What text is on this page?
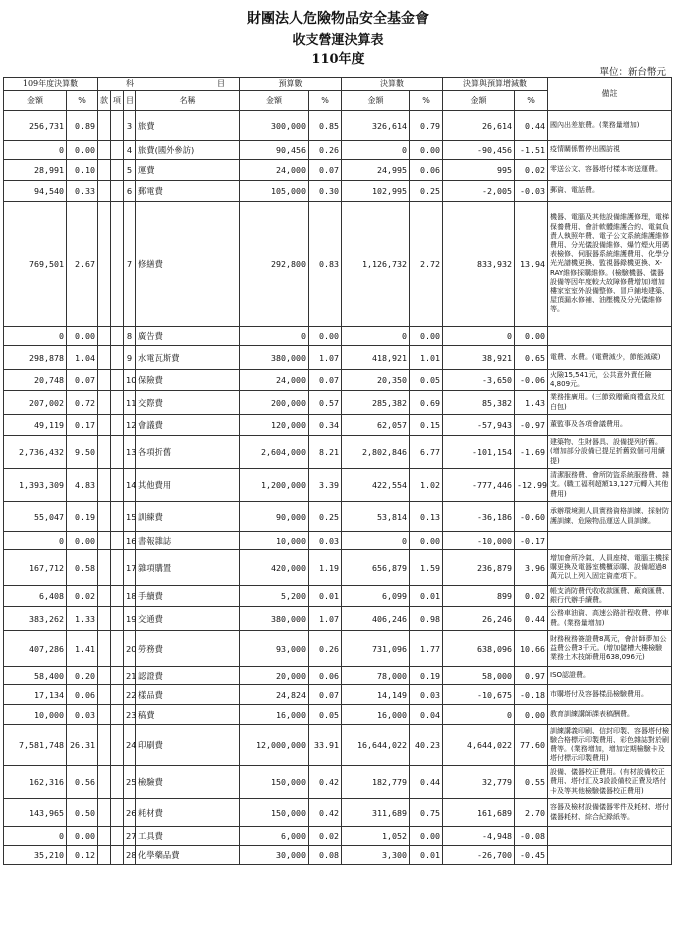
財團法人危險物品安全基金會
收支營運決算表
110年度
單位：新台幣元
109年度決算數		科 目				預算數		決算數		決算與預算增減數		備註
金額	%	款	項	目	名稱	金額	%	金額	%	金額	%	
256,731	0.89			3	旅費	300,000	0.85	326,614	0.79	26,614	0.44	國內出差旅費。(業務量增加)
0	0.00			4	旅費(國外參訪)	90,456	0.26	0	0.00	-90,456	-1.51	疫情關係暫停出國訪視
28,991	0.10			5	運費	24,000	0.07	24,995	0.06	995	0.02	零送公文、容器塔付樣本寄送運費。
94,540	0.33			6	郵電費	105,000	0.30	102,995	0.25	-2,005	-0.03	郵資、電話費。
769,501	2.67			7	修繕費	292,800	0.83	1,126,732	2.72	833,932	13.94	機器、電腦及其他設備維護修理，電梯保養費用、會計軟體維護合約、電氣負責人執照年費、電子公文系統維護維修費用、分光儀設備維修、爆竹煙火用碼表檢修、伺服器系統維護費用、化學分光光譜機更換、監視器錄機更換、X-RAY維修採購維修。(檢驗機器、儀器設備等因年度較大故障修費增加)增加樓家室室外設備整修、冒戶鋪地建築、屋頂漏水修補、油壓機及分光儀維修等。
0	0.00			8	廣告費	0	0.00	0	0.00	0	0.00	
298,878	1.04			9	水電瓦斯費	380,000	1.07	418,921	1.01	38,921	0.65	電費、水費。(電費減少，節能減碳)
20,748	0.07			10	保險費	24,000	0.07	20,350	0.05	-3,650	-0.06	火險15,541元，公共意外責任險4,809元。
207,002	0.72			11	交際費	200,000	0.57	285,382	0.69	85,382	1.43	業務推廣用。(三節致贈廠商禮盒及紅白包)
49,119	0.17			12	會議費	120,000	0.34	62,057	0.15	-57,943	-0.97	董監事及各項會議費用。
2,736,432	9.50			13	各項折舊	2,604,000	8.21	2,802,846	6.77	-101,154	-1.69	建築物、生財器具、設備提列折舊。(增加部分設備已提足折舊致個可用續提)
1,393,309	4.83			14	其他費用	1,200,000	3.39	422,554	1.02	-777,446	-12.99	清潔服務費、會所防盜系統服務費、雜支。(職工福利超額13,127元轉入其他費用)
55,047	0.19			15	訓練費	90,000	0.25	53,814	0.13	-36,186	-0.60	承辦環境測人員實務資格訓練、採射防護訓練、危險物品運送人員訓練。
0	0.00			16	書報雜誌	10,000	0.03	0	0.00	-10,000	-0.17	
167,712	0.58			17	雜項購置	420,000	1.19	656,879	1.59	236,879	3.96	增加會所冷氣、人員座椅、電腦主機採購更換及電器室機櫃添購、設備超過8萬元以上列入固定資產項下。
6,408	0.02			18	手續費	5,200	0.01	6,099	0.01	899	0.02	帳支消防費代收收款匯費、廠商匯費、銀行代辦手續費。
383,262	1.33			19	交通費	380,000	1.07	406,246	0.98	26,246	0.44	公務車油資、高速公路計程收費、停車費。(業務量增加)
407,286	1.41			20	勞務費	93,000	0.26	731,096	1.77	638,096	10.66	財務稅務簽證費8萬元，會計師夢加公益費公費3千元。(增加儲槽大樓檢驗業務土木技師費用638,096元)
58,400	0.20			21	認證費	20,000	0.06	78,000	0.19	58,000	0.97	ISO認證費。
17,134	0.06			22	樣品費	24,824	0.07	14,149	0.03	-10,675	-0.18	市購塔付及容器樣品檢驗費用。
10,000	0.03			23	稿費	16,000	0.05	16,000	0.04	0	0.00	教育訓練講師課表稿酬費。
7,581,748	26.31			24	印刷費	12,000,000	33.91	16,644,022	40.23	4,644,022	77.60	訓練講義印刷、信封印製、容器塔付檢驗合格標示印製費用、彩色雜誌對於刷費等。(業務增加，增加定期檢驗卡及塔付標示印製費用)
162,316	0.56			25	檢驗費	150,000	0.42	182,779	0.44	32,779	0.55	設備、儀器校正費用。(有材設備校正費用、塔付汇及3設設備校正費及塔付卡及等其他檢驗儀器校正費用)
143,965	0.50			26	耗材費	150,000	0.42	311,689	0.75	161,689	2.70	容器及檢材設備儀器零件及耗材、塔付儀器耗材、綜合紀錄紙等。
0	0.00			27	工具費	6,000	0.02	1,052	0.00	-4,948	-0.08	
35,210	0.12			28	化學藥品費	30,000	0.08	3,300	0.01	-26,700	-0.45	
